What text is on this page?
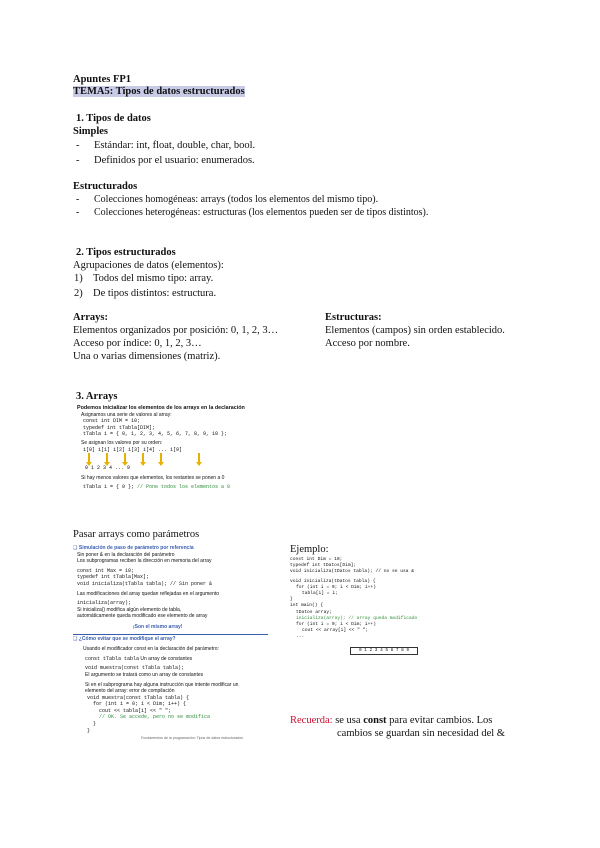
Apuntes FP1
TEMA5: Tipos de datos estructurados
1. Tipos de datos
Simples
-	Estándar: int, float, double, char, bool.
-	Definidos por el usuario: enumerados.
Estructurados
-	Colecciones homogéneas: arrays (todos los elementos del mismo tipo).
-	Colecciones heterogéneas: estructuras (los elementos pueden ser de tipos distintos).
2. Tipos estructurados
Agrupaciones de datos (elementos):
1) Todos del mismo tipo: array.
2) De tipos distintos: estructura.
Arrays:
Elementos organizados por posición: 0, 1, 2, 3…
Acceso por índice: 0, 1, 2, 3…
Una o varias dimensiones (matriz).
Estructuras:
Elementos (campos) sin orden establecido.
Acceso por nombre.
3. Arrays
Podemos inicializar los elementos de los arrays en la declaración
Asignamos una serie de valores al array:
const int DIM = 10;
typedef int tTabla[DIM];
tTabla i = { 0, 1, 2, 3, 4, 5, 6, 7, 8, 9, 10 };
Se asignan los valores por su orden:
i[0] i[1] i[2] i[3] i[4] ... i[9]
0 1 2 3 4 ... 9
Si hay menos valores que elementos, los restantes se ponen a 0
tTabla i = { 0 }; // Pone todos los elementos a 0
Pasar arrays como parámetros
❑ Simulación de paso de parámetro por referencia
Sin poner & en la declaración del parámetro
Los subprogramas reciben la dirección en memoria del array
const int Max = 10;
typedef int tTabla[Max];
void inicializa(tTabla tabla); // Sin poner &
Las modificaciones del array quedan reflejadas en el argumento
inicializa(array);
Si inicializa() modifica algún elemento de tabla,
automáticamente queda modificado ese elemento de array
¡Son el mismo array!
❑ ¿Cómo evitar que se modifique el array?
Usando el modificador const en la declaración del parámetro:
const tTabla tabla Un array de constantes
void muestra(const tTabla tabla);
El argumento se tratará como un array de constantes
Si en el subprograma hay alguna instrucción que intente modificar un
elemento del array: error de compilación
void muestra(const tTabla tabla) {
for (int i = 0; i < Dim; i++) {
cout << tabla[i] << " ";
// OK. Se accede, pero no se modifica
}
}
Fundamentos de la programación: Tipos de datos estructurados
Ejemplo:
const int Dim = 10;
typedef int tDatos[Dim];
void inicializa(tDatos tabla); // no se usa &
void inicializa(tDatos tabla) {
for (int i = 0; i < Dim; i++)
tabla[i] = i;
}
int main() {
tDatos array;
inicializa(array); // array queda modificado
for (int i = 0; i < Dim; i++)
cout << array[i] << " ";
...
0 1 2 3 4 5 6 7 8 9
Recuerda: se usa const para evitar cambios. Los
cambios se guardan sin necesidad del &
